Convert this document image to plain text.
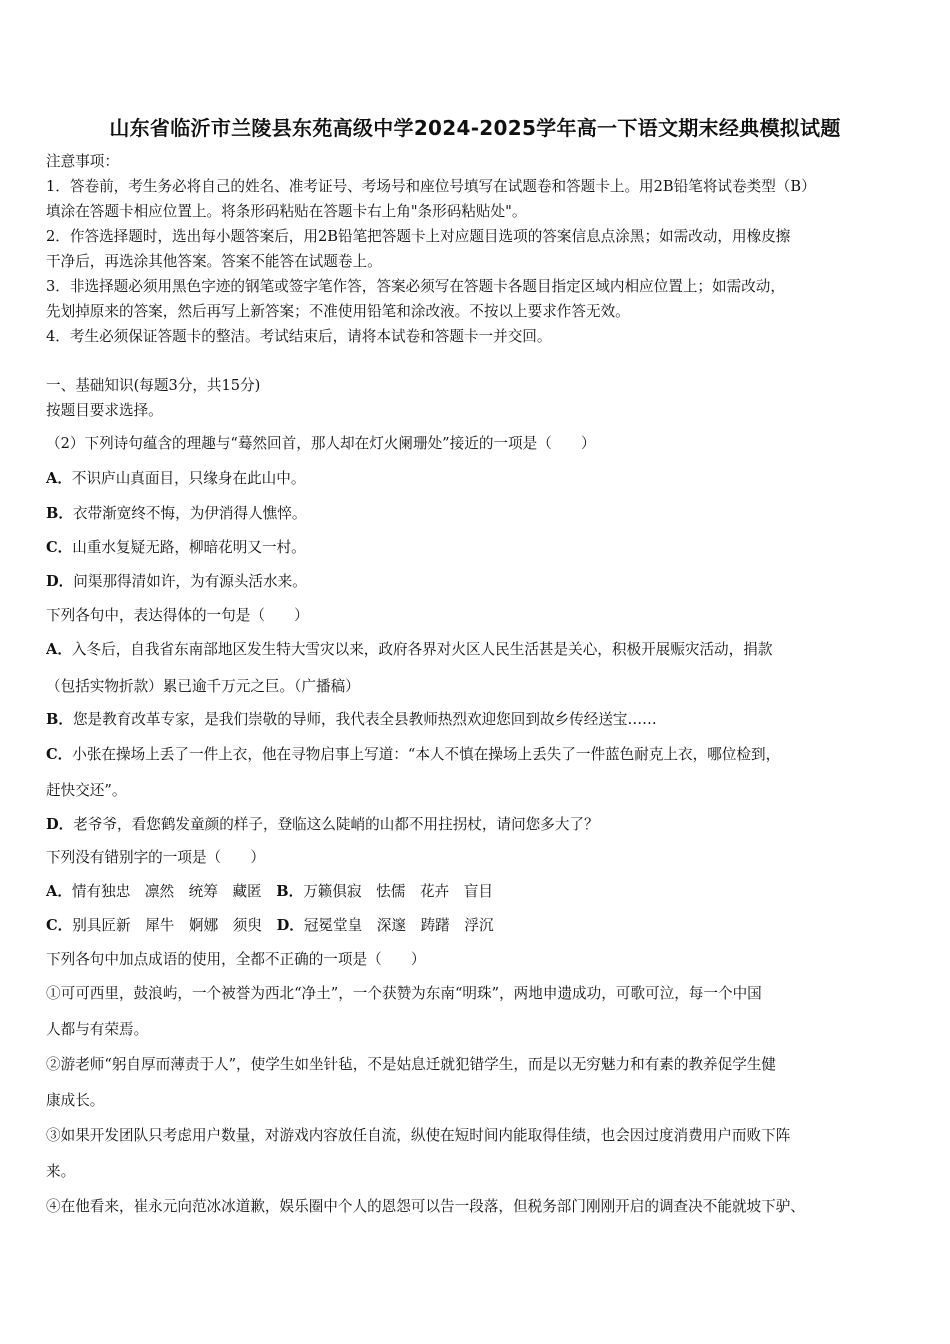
山东省临沂市兰陵县东苑高级中学2024-2025学年高一下语文期末经典模拟试题
注意事项：
1．答卷前，考生务必将自己的姓名、准考证号、考场号和座位号填写在试题卷和答题卡上。用2B铅笔将试卷类型（B）
填涂在答题卡相应位置上。将条形码粘贴在答题卡右上角"条形码粘贴处"。
2．作答选择题时，选出每小题答案后，用2B铅笔把答题卡上对应题目选项的答案信息点涂黑；如需改动，用橡皮擦
干净后，再选涂其他答案。答案不能答在试题卷上。
3．非选择题必须用黑色字迹的钢笔或签字笔作答，答案必须写在答题卡各题目指定区域内相应位置上；如需改动，
先划掉原来的答案，然后再写上新答案；不准使用铅笔和涂改液。不按以上要求作答无效。
4．考生必须保证答题卡的整洁。考试结束后，请将本试卷和答题卡一并交回。
一、基础知识(每题3分，共15分)
按题目要求选择。
（2）下列诗句蕴含的理趣与“蓦然回首，那人却在灯火阑珊处”接近的一项是（　　）
A．不识庐山真面目，只缘身在此山中。
B．衣带渐宽终不悔，为伊消得人憔悴。
C．山重水复疑无路，柳暗花明又一村。
D．问渠那得清如许，为有源头活水来。
下列各句中，表达得体的一句是（　　）
A．入冬后，自我省东南部地区发生特大雪灾以来，政府各界对火区人民生活甚是关心，积极开展赈灾活动，捐款
（包括实物折款）累已逾千万元之巨。（广播稿）
B．您是教育改革专家，是我们崇敬的导师，我代表全县教师热烈欢迎您回到故乡传经送宝……
C．小张在操场上丢了一件上衣，他在寻物启事上写道：“本人不慎在操场上丢失了一件蓝色耐克上衣，哪位检到，
赶快交还”。
D．老爷爷，看您鹤发童颜的样子，登临这么陡峭的山都不用拄拐杖，请问您多大了？
下列没有错别字的一项是（　　）
A．情有独忠　凛然　统筹　藏匿　 B．万籁俱寂　怯儒　花卉　盲目
C．别具匠新　犀牛　婀娜　须臾　 D．冠冕堂皇　深邃　踌躇　浮沉
下列各句中加点成语的使用，全都不正确的一项是（　　）
①可可西里，鼓浪屿，一个被誉为西北“净土”，一个获赞为东南“明珠”，两地申遗成功，可歌可泣，每一个中国
人都与有荣焉。
②游老师“躬自厚而薄责于人”，使学生如坐针毡，不是姑息迁就犯错学生，而是以无穷魅力和有素的教养促学生健
康成长。
③如果开发团队只考虑用户数量，对游戏内容放任自流，纵使在短时间内能取得佳绩，也会因过度消费用户而败下阵
来。
④在他看来，崔永元向范冰冰道歉，娱乐圈中个人的恩怨可以告一段落，但税务部门刚刚开启的调查决不能就坡下驴、
